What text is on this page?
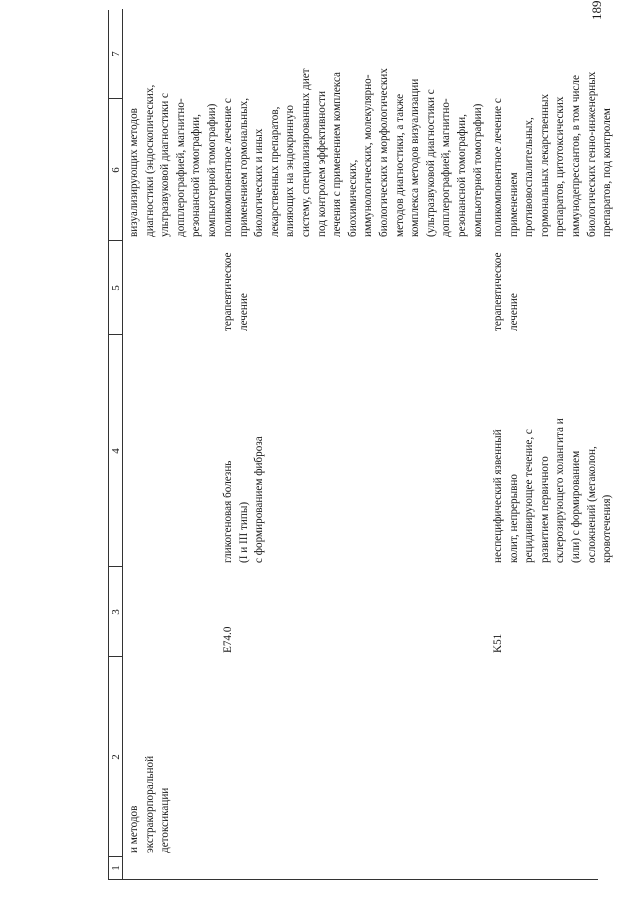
189
1
2
3
4
5
6
7
и методов экстракорпоральной детоксикации
визуализирующих методов диагностики (эндоскопических, ультразвуковой диагностики с допплерографией, магнитно- резонансной томографии, компьютерной томографии)
E74.0
гликогеновая болезнь (I и III типы) с формированием фиброза
терапевтическое лечение
поликомпонентное лечение с применением гормональных, биологических и иных лекарственных препаратов, влияющих на эндокринную систему, специализированных диет под контролем эффективности лечения с применением комплекса биохимических, иммунологических, молекулярно- биологических и морфологических методов диагностики, а также комплекса методов визуализации (ультразвуковой диагностики с допплерографией, магнитно- резонансной томографии, компьютерной томографии)
K51
неспецифический язвенный колит, непрерывно рецидивирующее течение, с развитием первичного склерозирующего холангита и (или) с формированием осложнений (мегаколон, кровотечения)
терапевтическое лечение
поликомпонентное лечение с применением противовоспалительных, гормональных лекарственных препаратов, цитотоксических иммунодепрессантов, в том числе биологических генно-инженерных препаратов, под контролем
